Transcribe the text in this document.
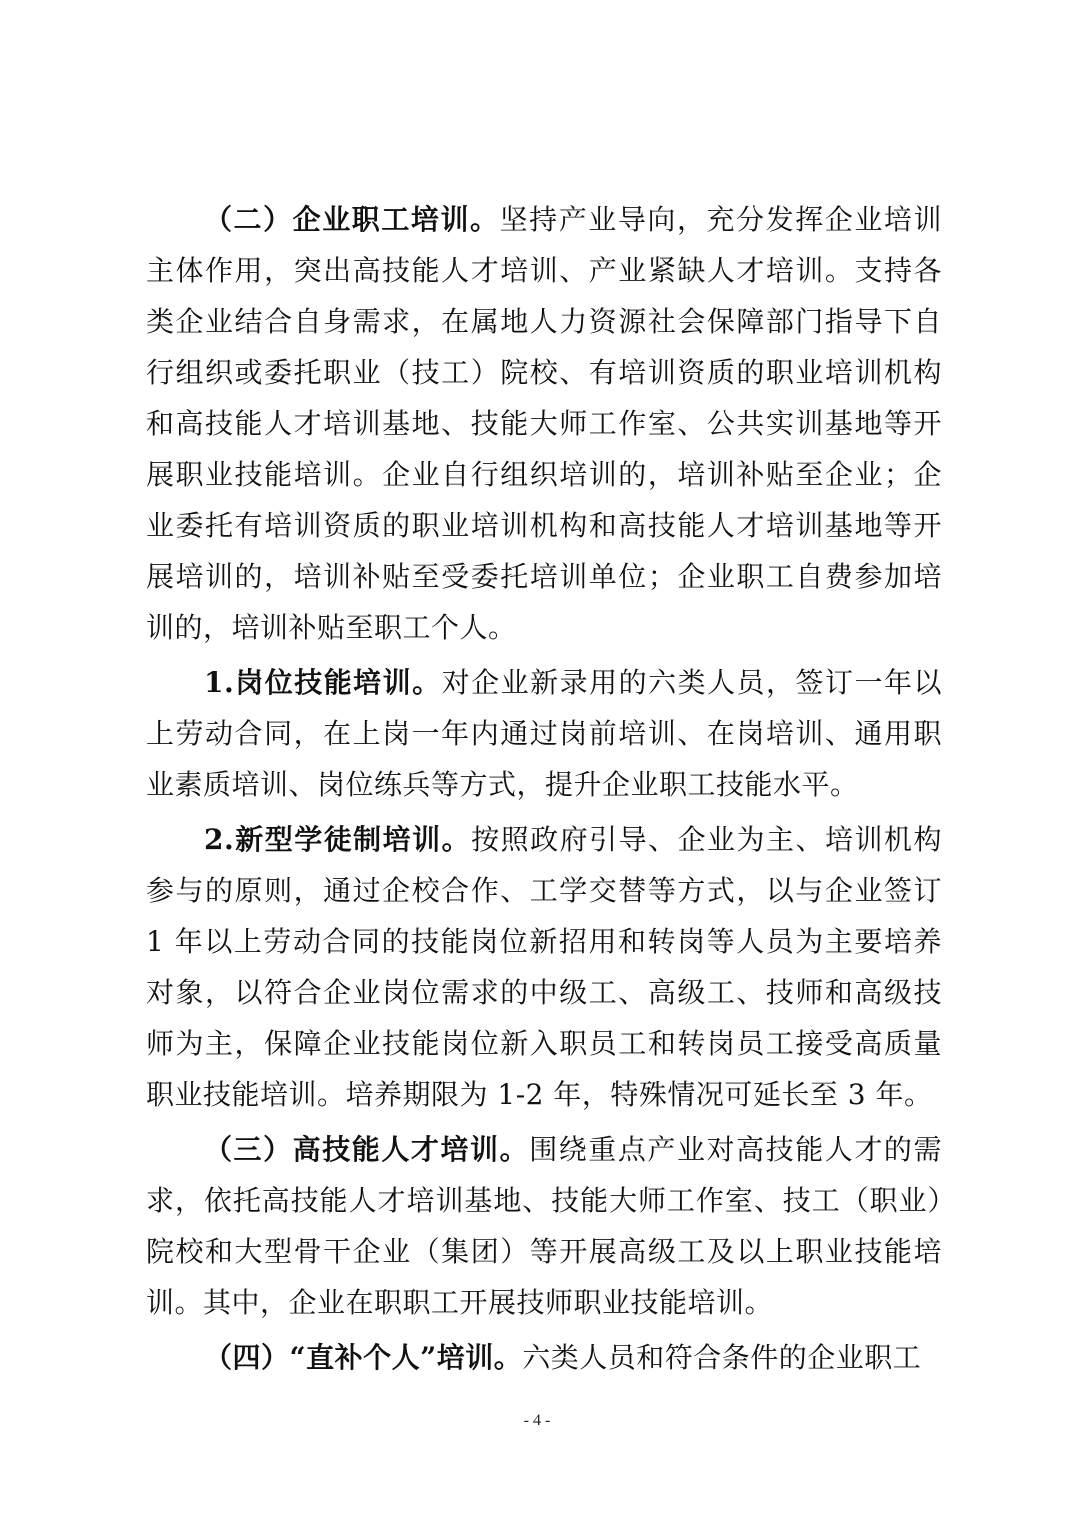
（二）企业职工培训。坚持产业导向，充分发挥企业培训主体作用，突出高技能人才培训、产业紧缺人才培训。支持各类企业结合自身需求，在属地人力资源社会保障部门指导下自行组织或委托职业（技工）院校、有培训资质的职业培训机构和高技能人才培训基地、技能大师工作室、公共实训基地等开展职业技能培训。企业自行组织培训的，培训补贴至企业；企业委托有培训资质的职业培训机构和高技能人才培训基地等开展培训的，培训补贴至受委托培训单位；企业职工自费参加培训的，培训补贴至职工个人。

1.岗位技能培训。对企业新录用的六类人员，签订一年以上劳动合同，在上岗一年内通过岗前培训、在岗培训、通用职业素质培训、岗位练兵等方式，提升企业职工技能水平。

2.新型学徒制培训。按照政府引导、企业为主、培训机构参与的原则，通过企校合作、工学交替等方式，以与企业签订 1 年以上劳动合同的技能岗位新招用和转岗等人员为主要培养对象，以符合企业岗位需求的中级工、高级工、技师和高级技师为主，保障企业技能岗位新入职员工和转岗员工接受高质量职业技能培训。培养期限为 1-2 年，特殊情况可延长至 3 年。

（三）高技能人才培训。围绕重点产业对高技能人才的需求，依托高技能人才培训基地、技能大师工作室、技工（职业）院校和大型骨干企业（集团）等开展高级工及以上职业技能培训。其中，企业在职职工开展技师职业技能培训。

（四）“直补个人”培训。六类人员和符合条件的企业职工

- 4 -
